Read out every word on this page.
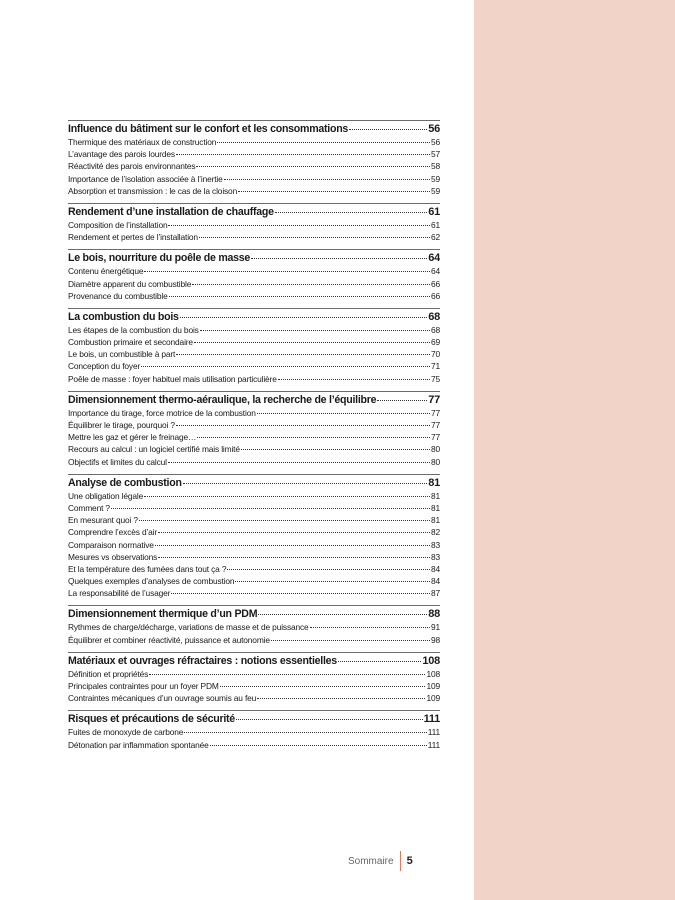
Influence du bâtiment sur le confort et les consommations	56
Thermique des matériaux de construction	56
L’avantage des parois lourdes	57
Réactivité des parois environnantes	58
Importance de l’isolation associée à l’inertie	59
Absorption et transmission : le cas de la cloison	59
Rendement d’une installation de chauffage	61
Composition de l’installation	61
Rendement et pertes de l’installation	62
Le bois, nourriture du poêle de masse	64
Contenu énergétique	64
Diamètre apparent du combustible	66
Provenance du combustible	66
La combustion du bois	68
Les étapes de la combustion du bois	68
Combustion primaire et secondaire	69
Le bois, un combustible à part	70
Conception du foyer	71
Poêle de masse : foyer habituel mais utilisation particulière	75
Dimensionnement thermo-aéraulique, la recherche de l’équilibre	77
Importance du tirage, force motrice de la combustion	77
Équilibrer le tirage, pourquoi ?	77
Mettre les gaz et gérer le freinage…	77
Recours au calcul : un logiciel certifié mais limité	80
Objectifs et limites du calcul	80
Analyse de combustion	81
Une obligation légale	81
Comment ?	81
En mesurant quoi ?	81
Comprendre l’excès d’air	82
Comparaison normative	83
Mesures vs observations	83
Et la température des fumées dans tout ça ?	84
Quelques exemples d’analyses de combustion	84
La responsabilité de l’usager	87
Dimensionnement thermique d’un PDM	88
Rythmes de charge/décharge, variations de masse et de puissance	91
Équilibrer et combiner réactivité, puissance et autonomie	98
Matériaux et ouvrages réfractaires : notions essentielles	108
Définition et propriétés	108
Principales contraintes pour un foyer PDM	109
Contraintes mécaniques d’un ouvrage soumis au feu	109
Risques et précautions de sécurité	111
Fuites de monoxyde de carbone	111
Détonation par inflammation spontanée	111
Sommaire 5
